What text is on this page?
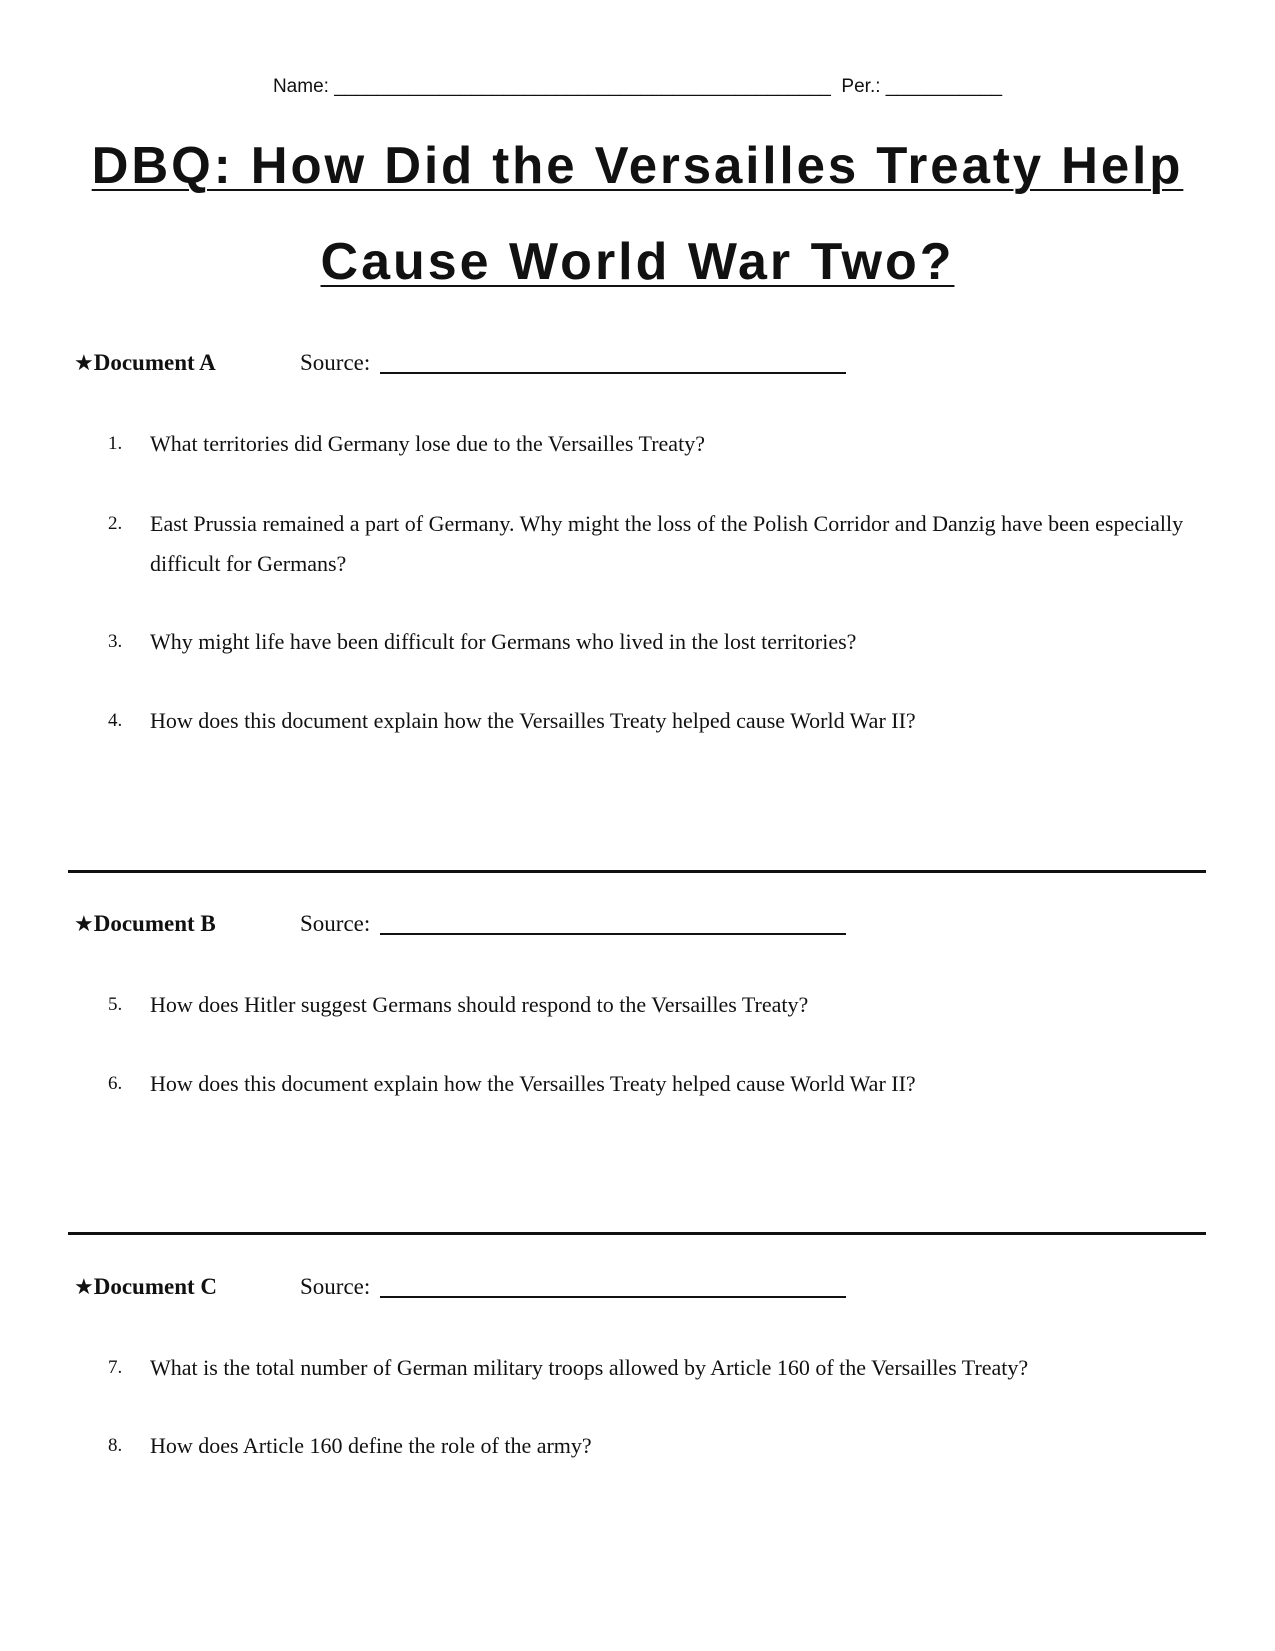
Name: _______________________________________________ Per.: ___________
DBQ: How Did the Versailles Treaty Help
Cause World War Two?
★Document A	Source:
1. What territories did Germany lose due to the Versailles Treaty?
2. East Prussia remained a part of Germany. Why might the loss of the Polish Corridor and Danzig have been especially difficult for Germans?
3. Why might life have been difficult for Germans who lived in the lost territories?
4. How does this document explain how the Versailles Treaty helped cause World War II?
★Document B	Source:
5. How does Hitler suggest Germans should respond to the Versailles Treaty?
6. How does this document explain how the Versailles Treaty helped cause World War II?
★Document C	Source:
7. What is the total number of German military troops allowed by Article 160 of the Versailles Treaty?
8. How does Article 160 define the role of the army?
